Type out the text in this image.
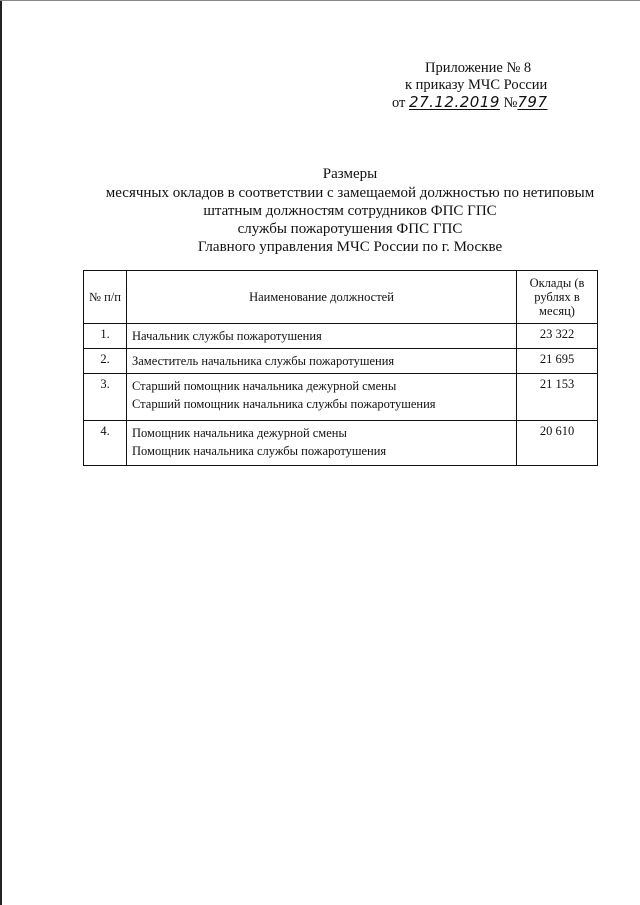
Приложение № 8
к приказу МЧС России
от 27.12.2019 №797
Размеры
месячных окладов в соответствии с замещаемой должностью по нетиповым
штатным должностям сотрудников ФПС ГПС
службы пожаротушения ФПС ГПС
Главного управления МЧС России по г. Москве
№ п/п	Наименование должностей	Оклады (в рублях в месяц)
1.	Начальник службы пожаротушения	23 322
2.	Заместитель начальника службы пожаротушения	21 695
3.	Старший помощник начальника дежурной смены
Старший помощник начальника службы пожаротушения	21 153
4.	Помощник начальника дежурной смены
Помощник начальника службы пожаротушения	20 610
